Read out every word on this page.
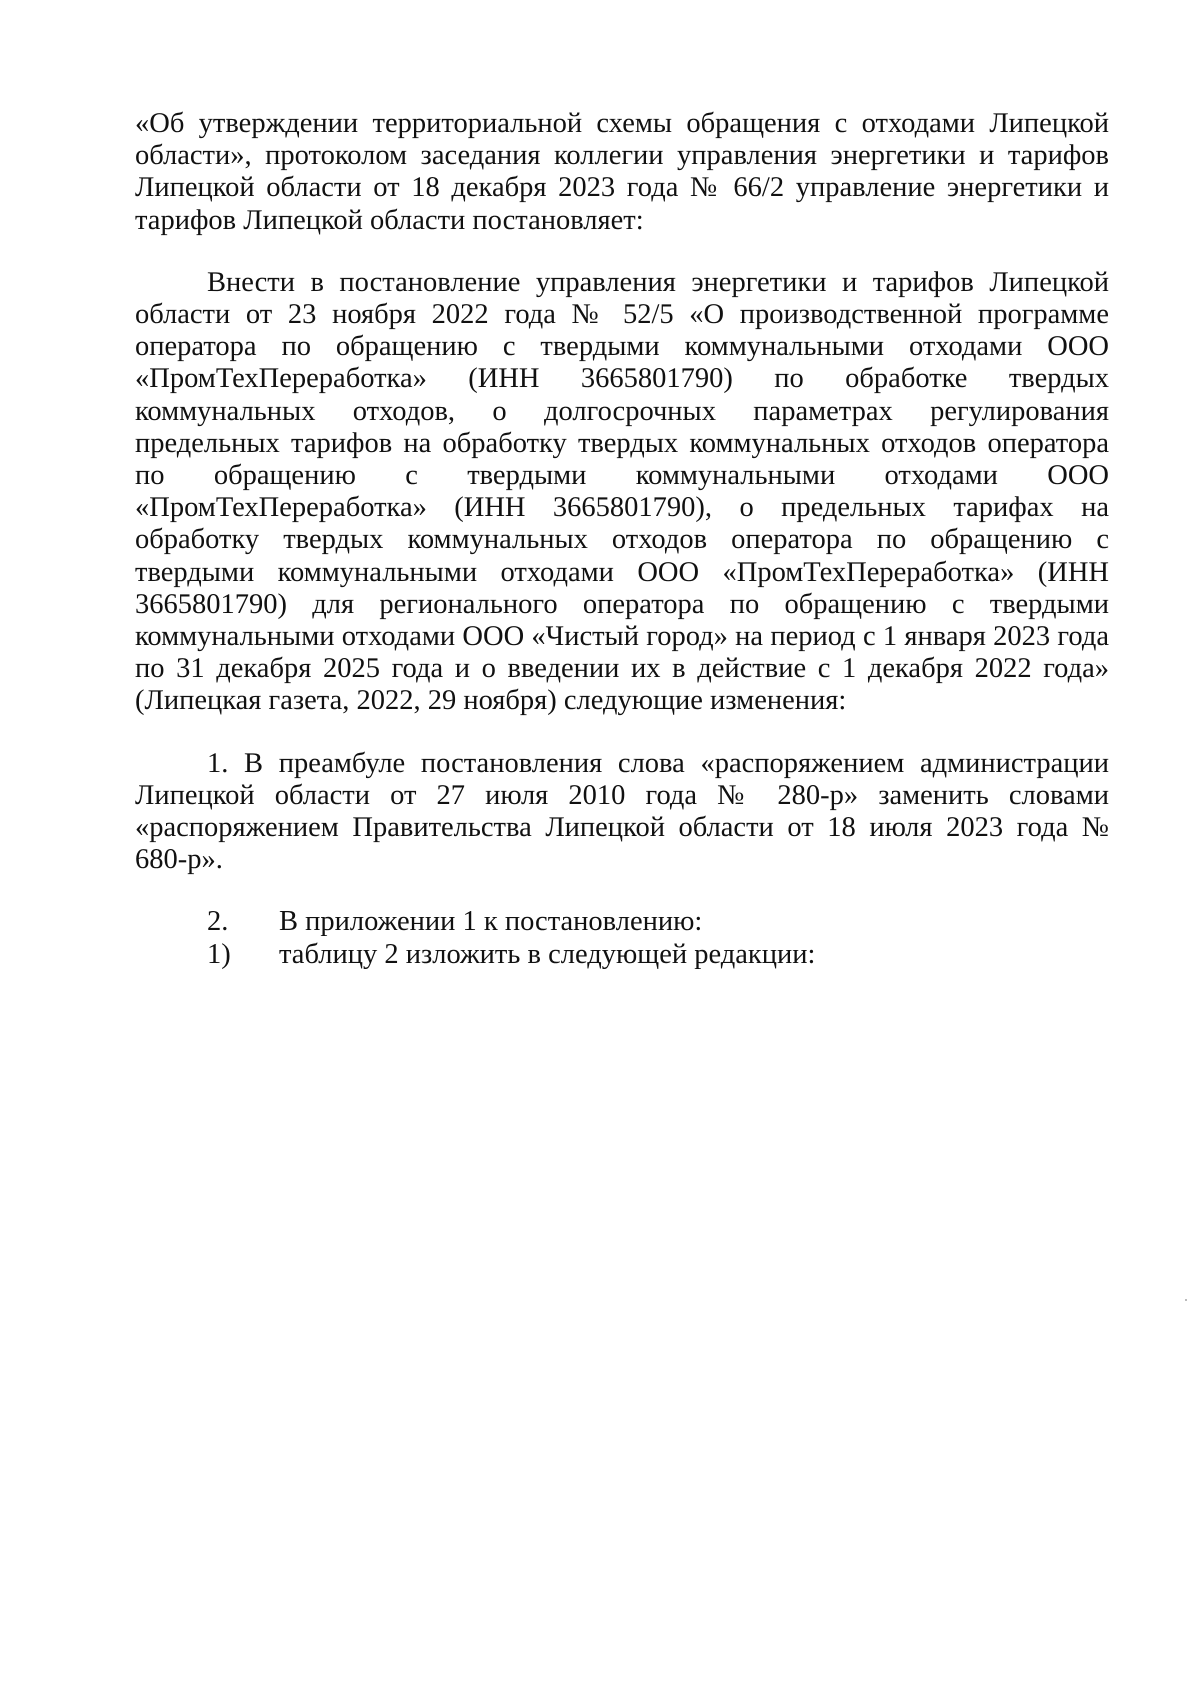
«Об утверждении территориальной схемы обращения с отходами Липецкой области», протоколом заседания коллегии управления энергетики и тарифов Липецкой области от 18 декабря 2023 года № 66/2 управление энергетики и тарифов Липецкой области постановляет:

Внести в постановление управления энергетики и тарифов Липецкой области от 23 ноября 2022 года № 52/5 «О производственной программе оператора по обращению с твердыми коммунальными отходами ООО «ПромТехПереработка» (ИНН 3665801790) по обработке твердых коммунальных отходов, о долгосрочных параметрах регулирования предельных тарифов на обработку твердых коммунальных отходов оператора по обращению с твердыми коммунальными отходами ООО «ПромТехПереработка» (ИНН 3665801790), о предельных тарифах на обработку твердых коммунальных отходов оператора по обращению с твердыми коммунальными отходами ООО «ПромТехПереработка» (ИНН 3665801790) для регионального оператора по обращению с твердыми коммунальными отходами ООО «Чистый город» на период с 1 января 2023 года по 31 декабря 2025 года и о введении их в действие с 1 декабря 2022 года» (Липецкая газета, 2022, 29 ноября) следующие изменения:

1. В преамбуле постановления слова «распоряжением администрации Липецкой области от 27 июля 2010 года № 280-р» заменить словами «распоряжением Правительства Липецкой области от 18 июля 2023 года № 680-р».

2.	В приложении 1 к постановлению:
1)	таблицу 2 изложить в следующей редакции:
